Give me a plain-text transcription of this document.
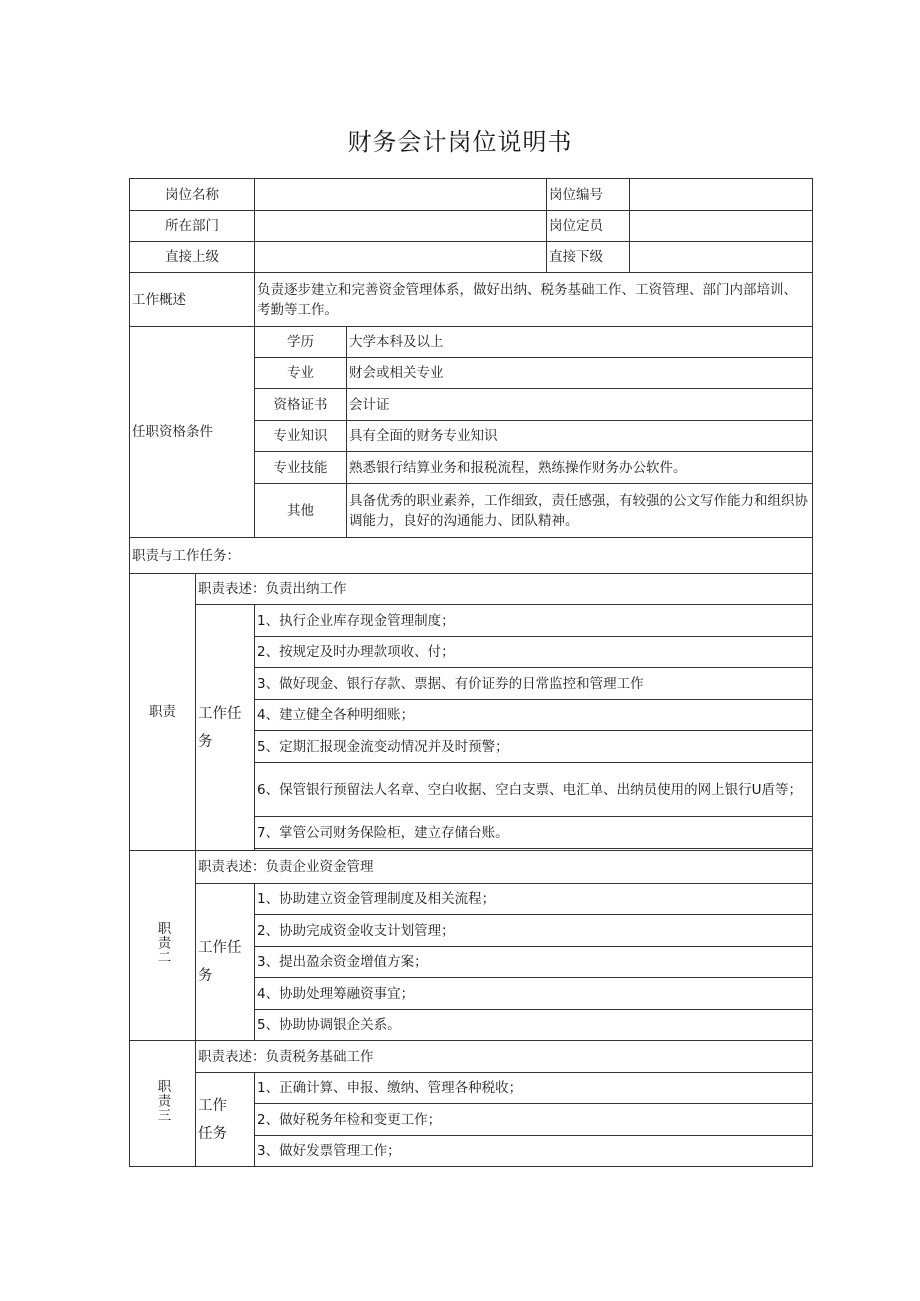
财务会计岗位说明书
岗位名称				岗位编号	
所在部门				岗位定员	
直接上级				直接下级	
工作概述		负责逐步建立和完善资金管理体系，做好出纳、税务基础工作、工资管理、部门内部培训、考勤等工作。			
任职资格条件		学历	大学本科及以上		
		专业	财会或相关专业		
		资格证书	会计证		
		专业知识	具有全面的财务专业知识		
		专业技能	熟悉银行结算业务和报税流程，熟练操作财务办公软件。		
		其他	具备优秀的职业素养，工作细致，责任感强，有较强的公文写作能力和组织协调能力，良好的沟通能力、团队精神。		
职责与工作任务：					
职责	职责表述：负责出纳工作				

	工作任务	1、执行企业库存现金管理制度；			
		2、按规定及时办理款项收、付；			
		3、做好现金、银行存款、票据、有价证券的日常监控和管理工作			
		4、建立健全各种明细账；			
		5、定期汇报现金流变动情况并及时预警；			
		6、保管银行预留法人名章、空白收据、空白支票、电汇单、出纳员使用的网上银行U盾等；			
		7、掌管公司财务保险柜，建立存储台账。			

职责二	职责表述：负责企业资金管理				

	工作任务	1、协助建立资金管理制度及相关流程；			
		2、协助完成资金收支计划管理；			
		3、提出盈余资金增值方案；			
		4、协助处理筹融资事宜；			
		5、协助协调银企关系。			
职责三	职责表述：负责税务基础工作				

	工作任务	1、正确计算、申报、缴纳、管理各种税收；			
		2、做好税务年检和变更工作；			
		3、做好发票管理工作；			
